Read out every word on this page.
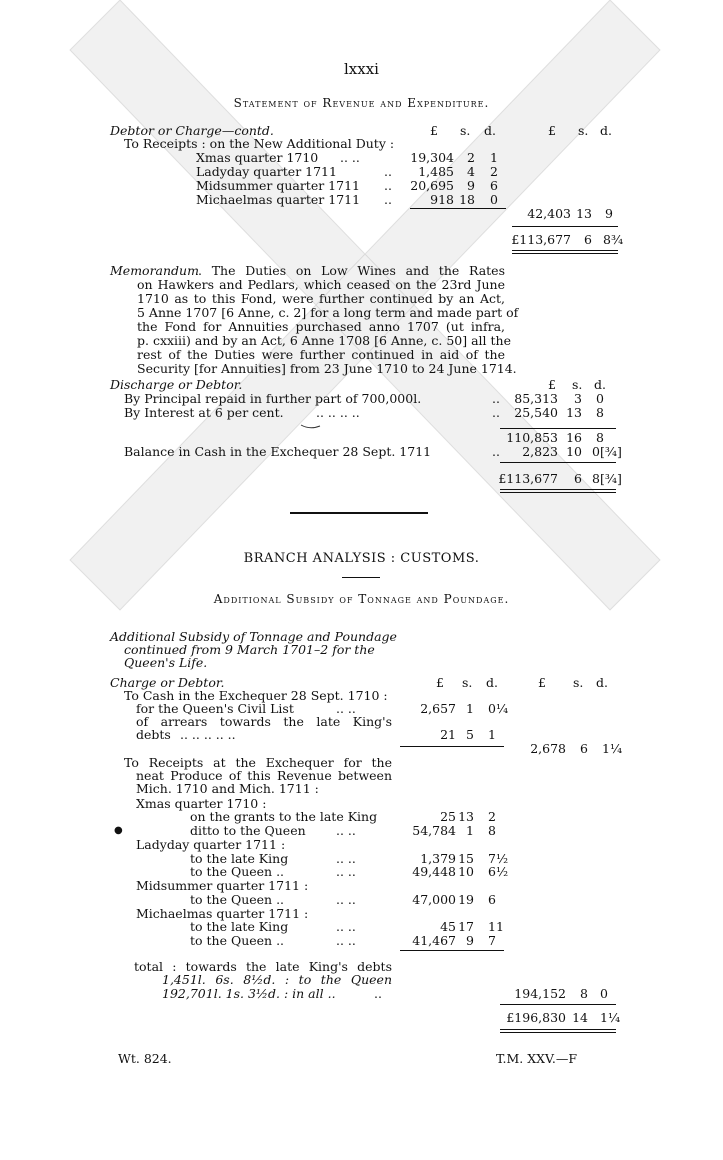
lxxxi
Statement of Revenue and Expenditure.
Debtor or Charge—contd.	£ s. d.	£ s. d.
To Receipts : on the New Additional Duty :
Xmas quarter 1710 .. ..	19,304	2 1
Ladyday quarter 1711	..	1,485	4 2
Midsummer quarter 1711 ..	20,695	9 6
Michaelmas quarter 1711 ..	918 18 0
42,403 13 9
£113,677	6 8¾
Memorandum . The Duties on Low Wines and the Rates
on Hawkers and Pedlars, which ceased on the 23rd June
1710 as to this Fond, were further continued by an Act,
5 Anne 1707 [6 Anne, c. 2] for a long term and made part of
the Fond for Annuities purchased anno 1707 (ut infra,
p. cxxiii) and by an Act, 6 Anne 1708 [6 Anne, c. 50] all the
rest of the Duties were further continued in aid of the
Security [for Annuities] from 23 June 1710 to 24 June 1714.
Discharge or Debtor.	£ s. d.
By Principal repaid in further part of 700,000l.	..	85,313	3 0
By Interest at 6 per cent.	.. .. .. ..	..	25,540 13 8
110,853 16 8
Balance in Cash in the Exchequer 28 Sept. 1711	..	2,823 10 0[¾]
£113,677	6 8[¾]
BRANCH ANALYSIS : CUSTOMS.
Additional Subsidy of Tonnage and Poundage.
Additional Subsidy of Tonnage and Poundage
continued from 9 March 1701–2 for the
Queen's Life.
Charge or Debtor.	£ s. d.	£ s. d.
To Cash in the Exchequer 28 Sept. 1710 :
for the Queen's Civil List	.. ..	2,657 1 0¼
of arrears towards the late King's
debts .. .. .. .. ..	21 5 1
2,678	6 1¼
To Receipts at the Exchequer for the
neat Produce of this Revenue between
Mich. 1710 and Mich. 1711 :
Xmas quarter 1710 :
on the grants to the late King	25 13 2
●	ditto to the Queen .. ..	54,784 1 8
Ladyday quarter 1711 :
to the late King	.. ..	1,379 15 7½
to the Queen ..	.. ..	49,448 10 6½
Midsummer quarter 1711 :
to the Queen ..	.. ..	47,000 19 6
Michaelmas quarter 1711 :
to the late King	.. ..	45 17 11
to the Queen ..	.. ..	41,467 9 7
total : towards the late King's debts
1,451l. 6s. 8½d. : to the Queen
192,701l. 1s. 3½d. : in all ..	..	194,152	8 0
£196,830 14 1¼
Wt. 824.	T.M. XXV.—F
